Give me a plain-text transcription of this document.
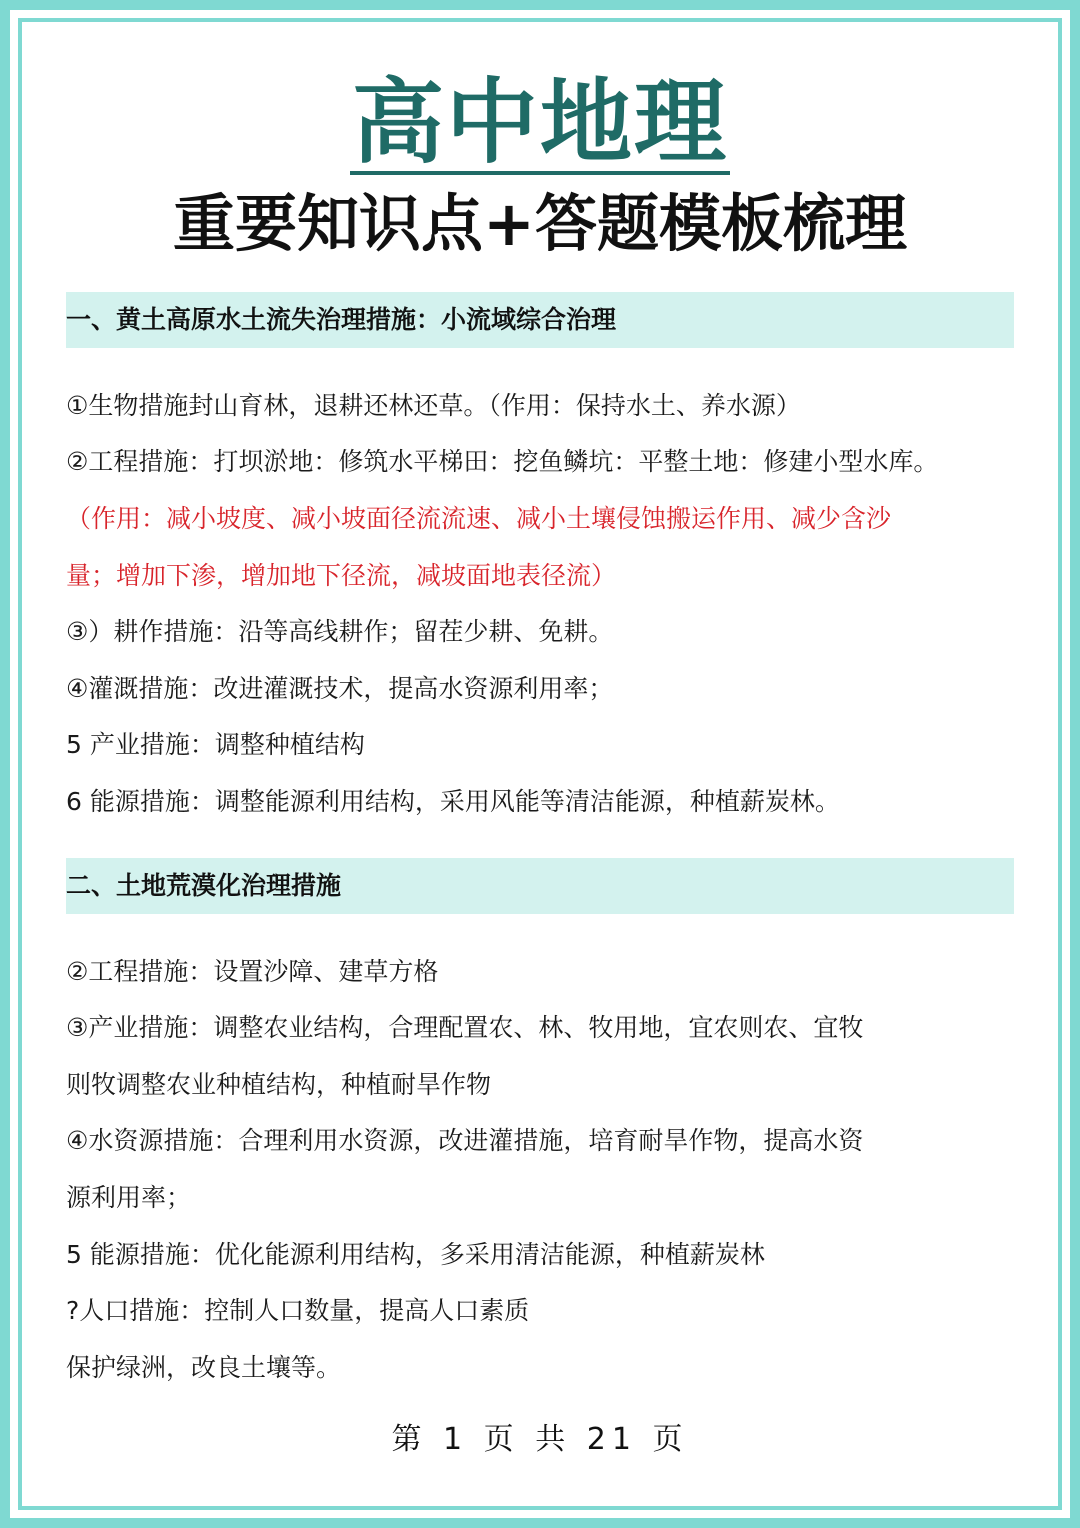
高中地理
重要知识点+答题模板梳理
一、黄土高原水土流失治理措施：小流域综合治理
①生物措施封山育林，退耕还林还草。（作用：保持水土、养水源）
②工程措施：打坝淤地：修筑水平梯田：挖鱼鳞坑：平整土地：修建小型水库。
（作用：减小坡度、减小坡面径流流速、减小土壤侵蚀搬运作用、减少含沙
量；增加下渗，增加地下径流，减坡面地表径流）
③）耕作措施：沿等高线耕作；留茬少耕、免耕。
④灌溉措施：改进灌溉技术，提高水资源利用率；
5 产业措施：调整种植结构
6 能源措施：调整能源利用结构，采用风能等清洁能源，种植薪炭林。
二、土地荒漠化治理措施
②工程措施：设置沙障、建草方格
③产业措施：调整农业结构，合理配置农、林、牧用地，宜农则农、宜牧
则牧调整农业种植结构，种植耐旱作物
④水资源措施：合理利用水资源，改进灌措施，培育耐旱作物，提高水资
源利用率；
5 能源措施：优化能源利用结构，多采用清洁能源，种植薪炭林
?人口措施：控制人口数量，提高人口素质
保护绿洲，改良土壤等。
第 1 页 共 21 页
